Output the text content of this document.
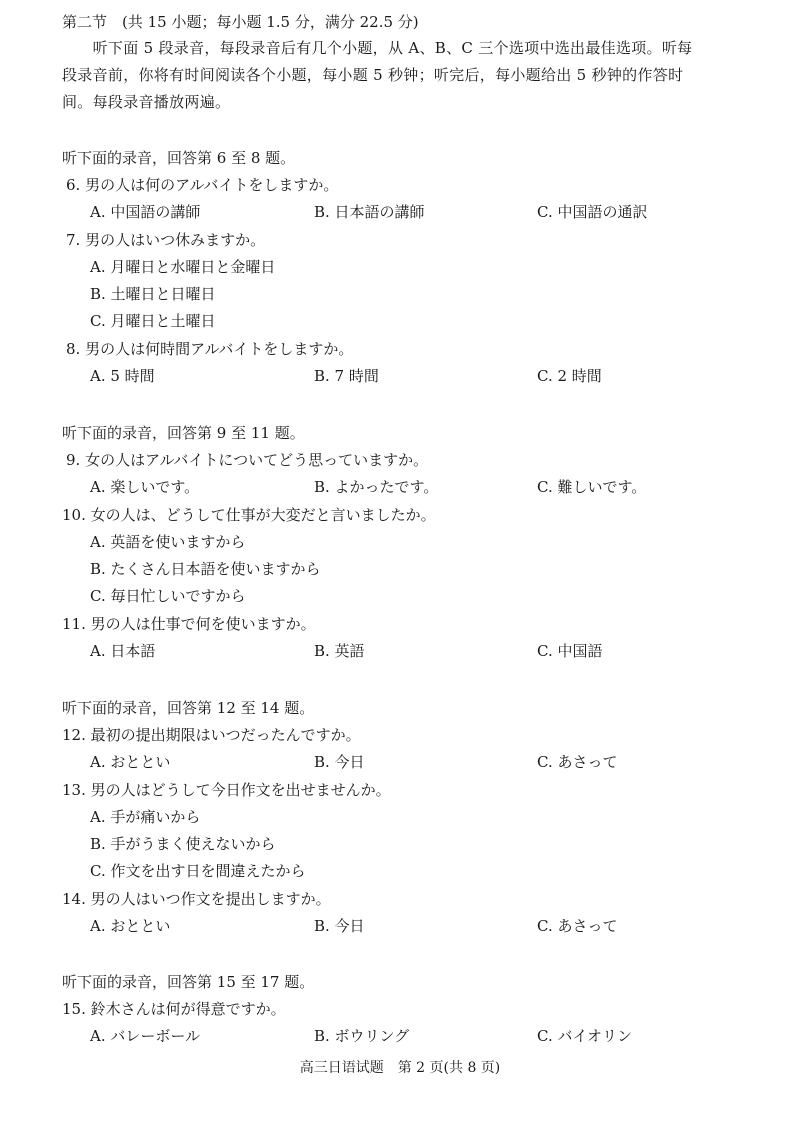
第二节　(共 15 小题；每小题 1.5 分，满分 22.5 分)
　　听下面 5 段录音，每段录音后有几个小题，从 A、B、C 三个选项中选出最佳选项。听每
段录音前，你将有时间阅读各个小题，每小题 5 秒钟；听完后，每小题给出 5 秒钟的作答时
间。每段录音播放两遍。
听下面的录音，回答第 6 至 8 题。
6. 男の人は何のアルバイトをしますか。
A. 中国語の講師	B. 日本語の講師	C. 中国語の通訳
7. 男の人はいつ休みますか。
A. 月曜日と水曜日と金曜日
B. 土曜日と日曜日
C. 月曜日と土曜日
8. 男の人は何時間アルバイトをしますか。
A. 5 時間	B. 7 時間	C. 2 時間
听下面的录音，回答第 9 至 11 题。
9. 女の人はアルバイトについてどう思っていますか。
A. 楽しいです。	B. よかったです。	C. 難しいです。
10. 女の人は、どうして仕事が大変だと言いましたか。
A. 英語を使いますから
B. たくさん日本語を使いますから
C. 毎日忙しいですから
11. 男の人は仕事で何を使いますか。
A. 日本語	B. 英語	C. 中国語
听下面的录音，回答第 12 至 14 题。
12. 最初の提出期限はいつだったんですか。
A. おととい	B. 今日	C. あさって
13. 男の人はどうして今日作文を出せませんか。
A. 手が痛いから
B. 手がうまく使えないから
C. 作文を出す日を間違えたから
14. 男の人はいつ作文を提出しますか。
A. おととい	B. 今日	C. あさって
听下面的录音，回答第 15 至 17 题。
15. 鈴木さんは何が得意ですか。
A. バレーボール	B. ボウリング	C. バイオリン
高三日语试题　第 2 页(共 8 页)
